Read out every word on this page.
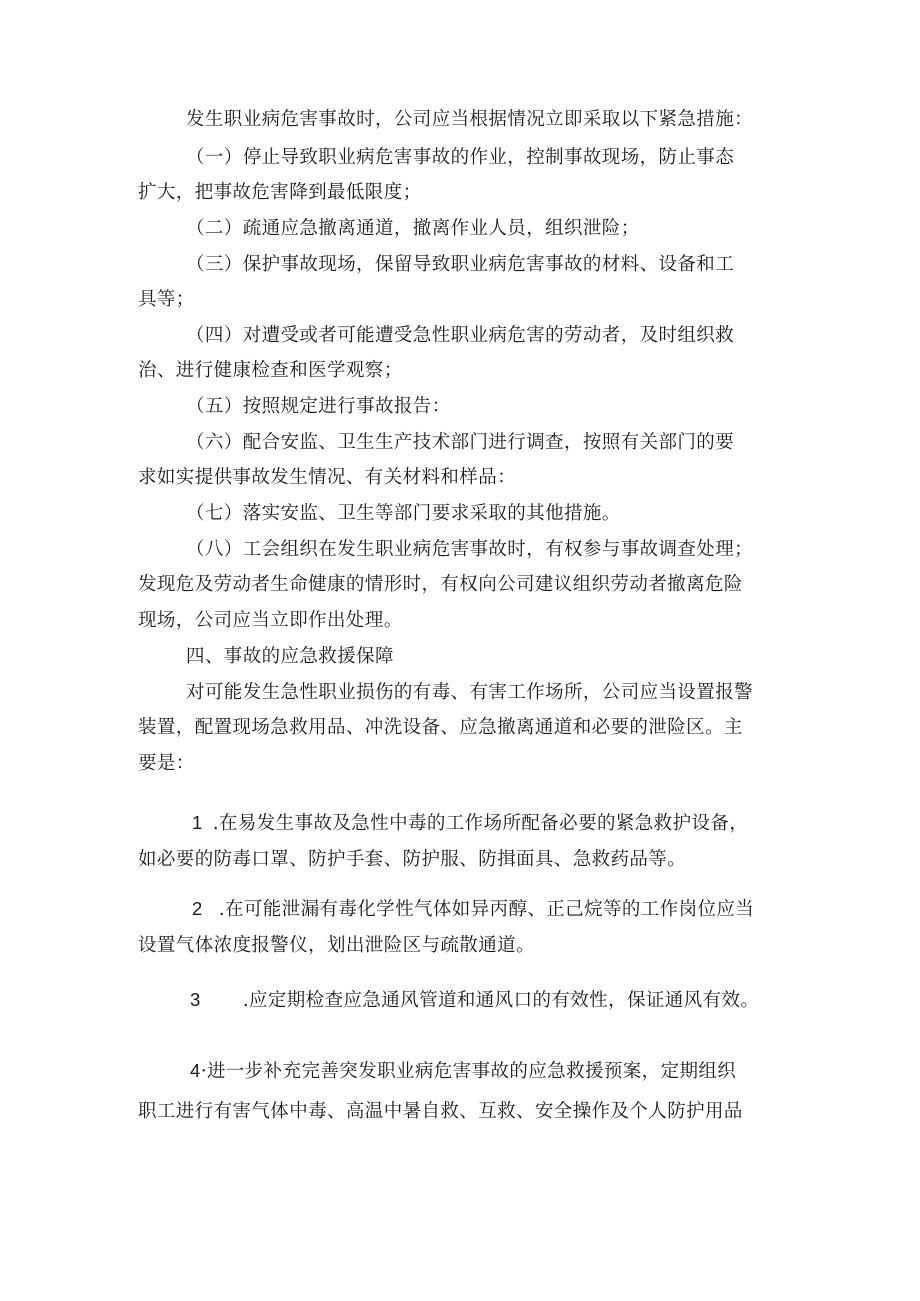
发生职业病危害事故时，公司应当根据情况立即采取以下紧急措施：
（一）停止导致职业病危害事故的作业，控制事故现场，防止事态
扩大，把事故危害降到最低限度；
（二）疏通应急撤离通道，撤离作业人员，组织泄险；
（三）保护事故现场，保留导致职业病危害事故的材料、设备和工
具等；
（四）对遭受或者可能遭受急性职业病危害的劳动者，及时组织救
治、进行健康检查和医学观察；
（五）按照规定进行事故报告：
（六）配合安监、卫生生产技术部门进行调查，按照有关部门的要
求如实提供事故发生情况、有关材料和样品：
（七）落实安监、卫生等部门要求采取的其他措施。
（八）工会组织在发生职业病危害事故时，有权参与事故调查处理；
发现危及劳动者生命健康的情形时，有权向公司建议组织劳动者撤离危险
现场，公司应当立即作出处理。
四、事故的应急救援保障
对可能发生急性职业损伤的有毒、有害工作场所，公司应当设置报警
装置，配置现场急救用品、冲洗设备、应急撤离通道和必要的泄险区。主
要是：
1 .在易发生事故及急性中毒的工作场所配备必要的紧急救护设备，
如必要的防毒口罩、防护手套、防护服、防揖面具、急救药品等。
2 .在可能泄漏有毒化学性气体如异丙醇、正己烷等的工作岗位应当
设置气体浓度报警仪，划出泄险区与疏散通道。
3 .应定期检查应急通风管道和通风口的有效性，保证通风有效。
4·进一步补充完善突发职业病危害事故的应急救援预案，定期组织
职工进行有害气体中毒、高温中暑自救、互救、安全操作及个人防护用品
